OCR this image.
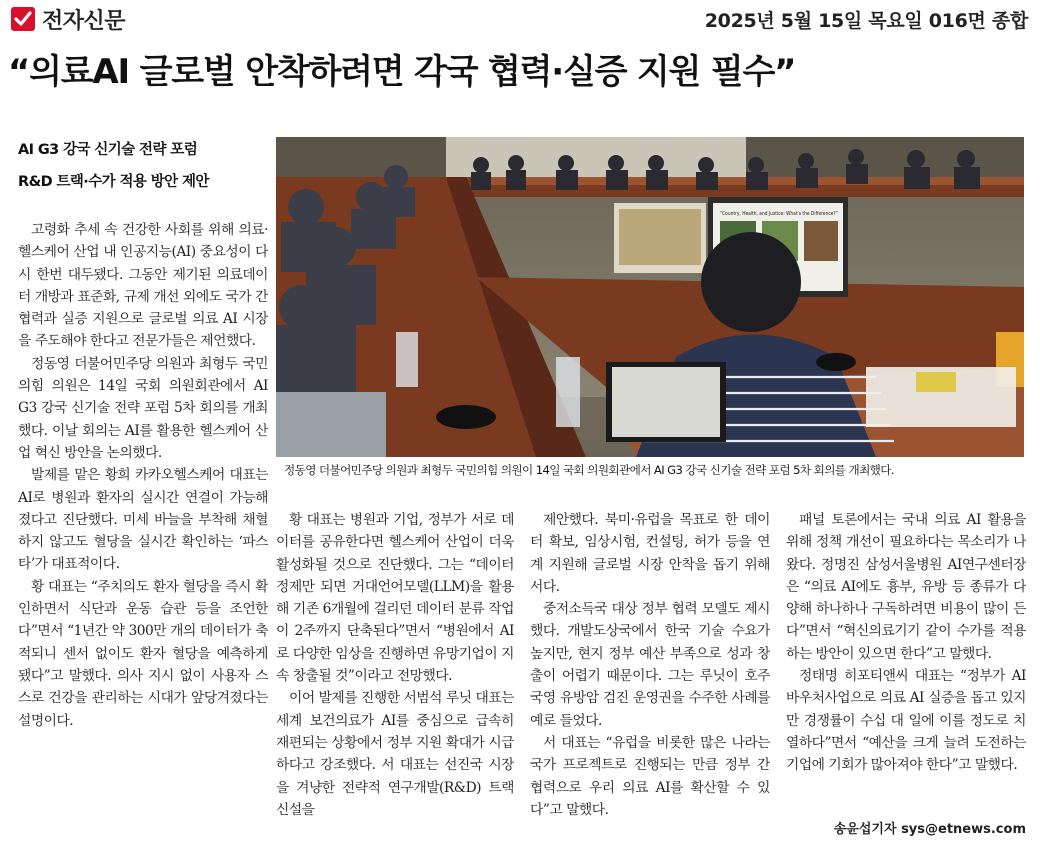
전자신문	2025년 5월 15일 목요일 016면 종합
“의료AI 글로벌 안착하려면 각국 협력·실증 지원 필수”
AI G3 강국 신기술 전략 포럼
R&D 트랙·수가 적용 방안 제안

고령화 추세 속 건강한 사회를 위해 의료·헬스케어 산업 내 인공지능(AI) 중요성이 다시 한번 대두됐다. 그동안 제기된 의료데이터 개방과 표준화, 규제 개선 외에도 국가 간 협력과 실증 지원으로 글로벌 의료 AI 시장을 주도해야 한다고 전문가들은 제언했다.

정동영 더불어민주당 의원과 최형두 국민의힘 의원은 14일 국회 의원회관에서 AI G3 강국 신기술 전략 포럼 5차 회의를 개최했다. 이날 회의는 AI를 활용한 헬스케어 산업 혁신 방안을 논의했다.

발제를 맡은 황희 카카오헬스케어 대표는 AI로 병원과 환자의 실시간 연결이 가능해졌다고 진단했다. 미세 바늘을 부착해 채혈하지 않고도 혈당을 실시간 확인하는 ‘파스타’가 대표적이다.

황 대표는 “주치의도 환자 혈당을 즉시 확인하면서 식단과 운동 습관 등을 조언한다”면서 “1년간 약 300만 개의 데이터가 축적되니 센서 없이도 환자 혈당을 예측하게 됐다”고 말했다. 의사 지시 없이 사용자 스스로 건강을 관리하는 시대가 앞당겨졌다는 설명이다.

“Country, Health, and Justice: What's the Difference?”
정동영 더불어민주당 의원과 최형두 국민의힘 의원이 14일 국회 의원회관에서 AI G3 강국 신기술 전략 포럼 5차 회의를 개최했다.

황 대표는 병원과 기업, 정부가 서로 데이터를 공유한다면 헬스케어 산업이 더욱 활성화될 것으로 진단했다. 그는 “데이터 정제만 되면 거대언어모델(LLM)을 활용해 기존 6개월에 걸리던 데이터 분류 작업이 2주까지 단축된다”면서 “병원에서 AI로 다양한 임상을 진행하면 유망기업이 지속 창출될 것”이라고 전망했다.

이어 발제를 진행한 서범석 루닛 대표는 세계 보건의료가 AI를 중심으로 급속히 재편되는 상황에서 정부 지원 확대가 시급하다고 강조했다. 서 대표는 선진국 시장을 겨냥한 전략적 연구개발(R&D) 트랙 신설을

제안했다. 북미·유럽을 목표로 한 데이터 확보, 임상시험, 컨설팅, 허가 등을 연계 지원해 글로벌 시장 안착을 돕기 위해서다.

중저소득국 대상 정부 협력 모델도 제시했다. 개발도상국에서 한국 기술 수요가 높지만, 현지 정부 예산 부족으로 성과 창출이 어렵기 때문이다. 그는 루닛이 호주 국영 유방암 검진 운영권을 수주한 사례를 예로 들었다.

서 대표는 “유럽을 비롯한 많은 나라는 국가 프로젝트로 진행되는 만큼 정부 간 협력으로 우리 의료 AI를 확산할 수 있다”고 말했다.

패널 토론에서는 국내 의료 AI 활용을 위해 정책 개선이 필요하다는 목소리가 나왔다. 정명진 삼성서울병원 AI연구센터장은 “의료 AI에도 흉부, 유방 등 종류가 다양해 하나하나 구독하려면 비용이 많이 든다”면서 “혁신의료기기 같이 수가를 적용하는 방안이 있으면 한다”고 말했다.

정태명 히포티앤씨 대표는 “정부가 AI 바우처사업으로 의료 AI 실증을 돕고 있지만 경쟁률이 수십 대 일에 이를 정도로 치열하다”면서 “예산을 크게 늘려 도전하는 기업에 기회가 많아져야 한다”고 말했다.

송윤섭기자 sys@etnews.com
